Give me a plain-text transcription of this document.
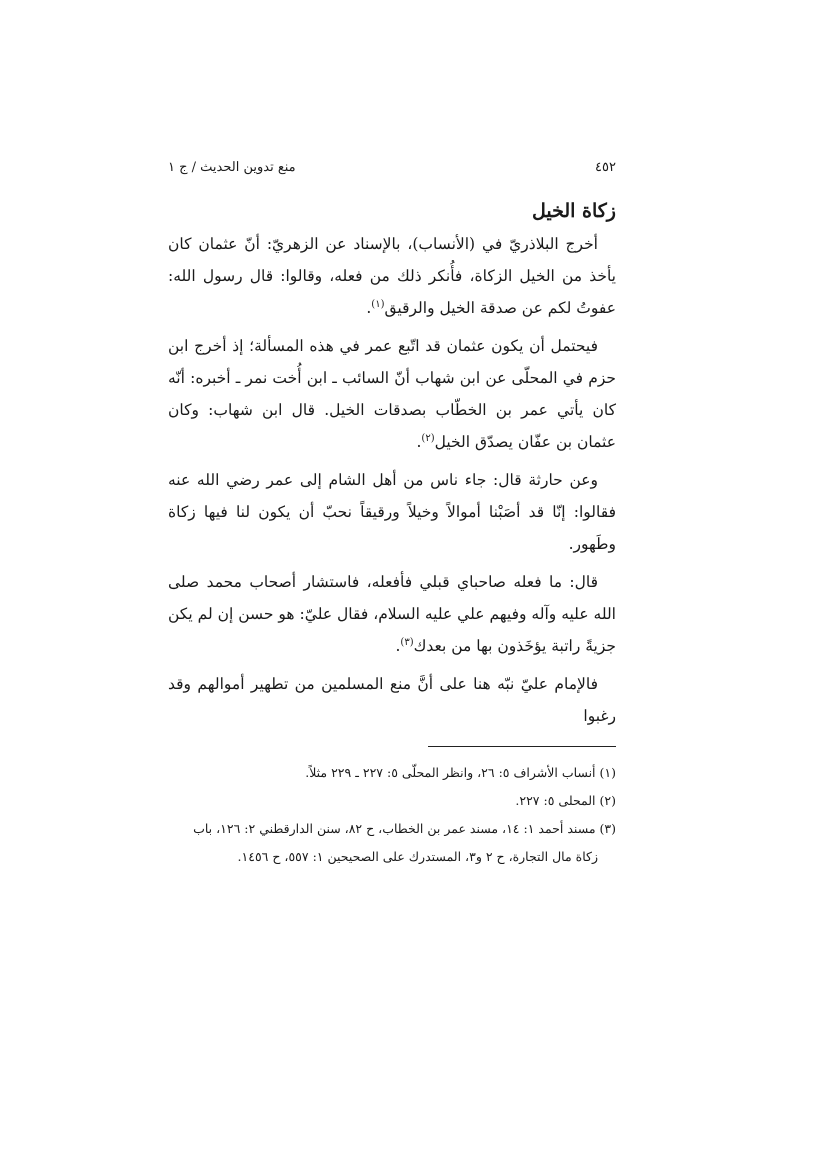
٤٥٢
منع تدوين الحديث / ج ١
زكاة الخيل

أخرج البلاذريّ في (الأنساب)، بالإسناد عن الزهريّ: أنّ عثمان كان يأخذ من الخيل الزكاة، فأُنكر ذلك من فعله، وقالوا: قال رسول الله: عفوتُ لكم عن صدقة الخيل والرقيق$^{(١)}$.

فيحتمل أن يكون عثمان قد اتّبع عمر في هذه المسألة؛ إذ أخرج ابن حزم في المحلّى عن ابن شهاب أنّ السائب ـ ابن أُخت نمر ـ أخبره: أنّه كان يأتي عمر بن الخطّاب بصدقات الخيل. قال ابن شهاب: وكان عثمان بن عفّان يصدّق الخيل$^{(٢)}$.

وعن حارثة قال: جاء ناس من أهل الشام إلى عمر رضي الله عنه فقالوا: إنّا قد أصَبْنا أموالاً وخيلاً ورقيقاً نحبّ أن يكون لنا فيها زكاة وطَهور.

قال: ما فعله صاحباي قبلي فأفعله، فاستشار أصحاب محمد صلى الله عليه وآله وفيهم علي عليه السلام، فقال عليّ: هو حسن إن لم يكن جزيةً راتبة يؤخَذون بها من بعدك$^{(٣)}$.

فالإمام عليّ نبّه هنا على أنَّ منع المسلمين من تطهير أموالهم وقد رغبوا

(١) أنساب الأشراف ٥: ٢٦، وانظر المحلّى ٥: ٢٢٧ ـ ٢٢٩ مثلاً.

(٢) المحلى ٥: ٢٢٧.

(٣) مسند أحمد ١: ١٤، مسند عمر بن الخطاب، ح ٨٢، سنن الدارقطني ٢: ١٢٦، باب

زكاة مال التجارة، ح ٢ و٣، المستدرك على الصحيحين ١: ٥٥٧، ح ١٤٥٦.
